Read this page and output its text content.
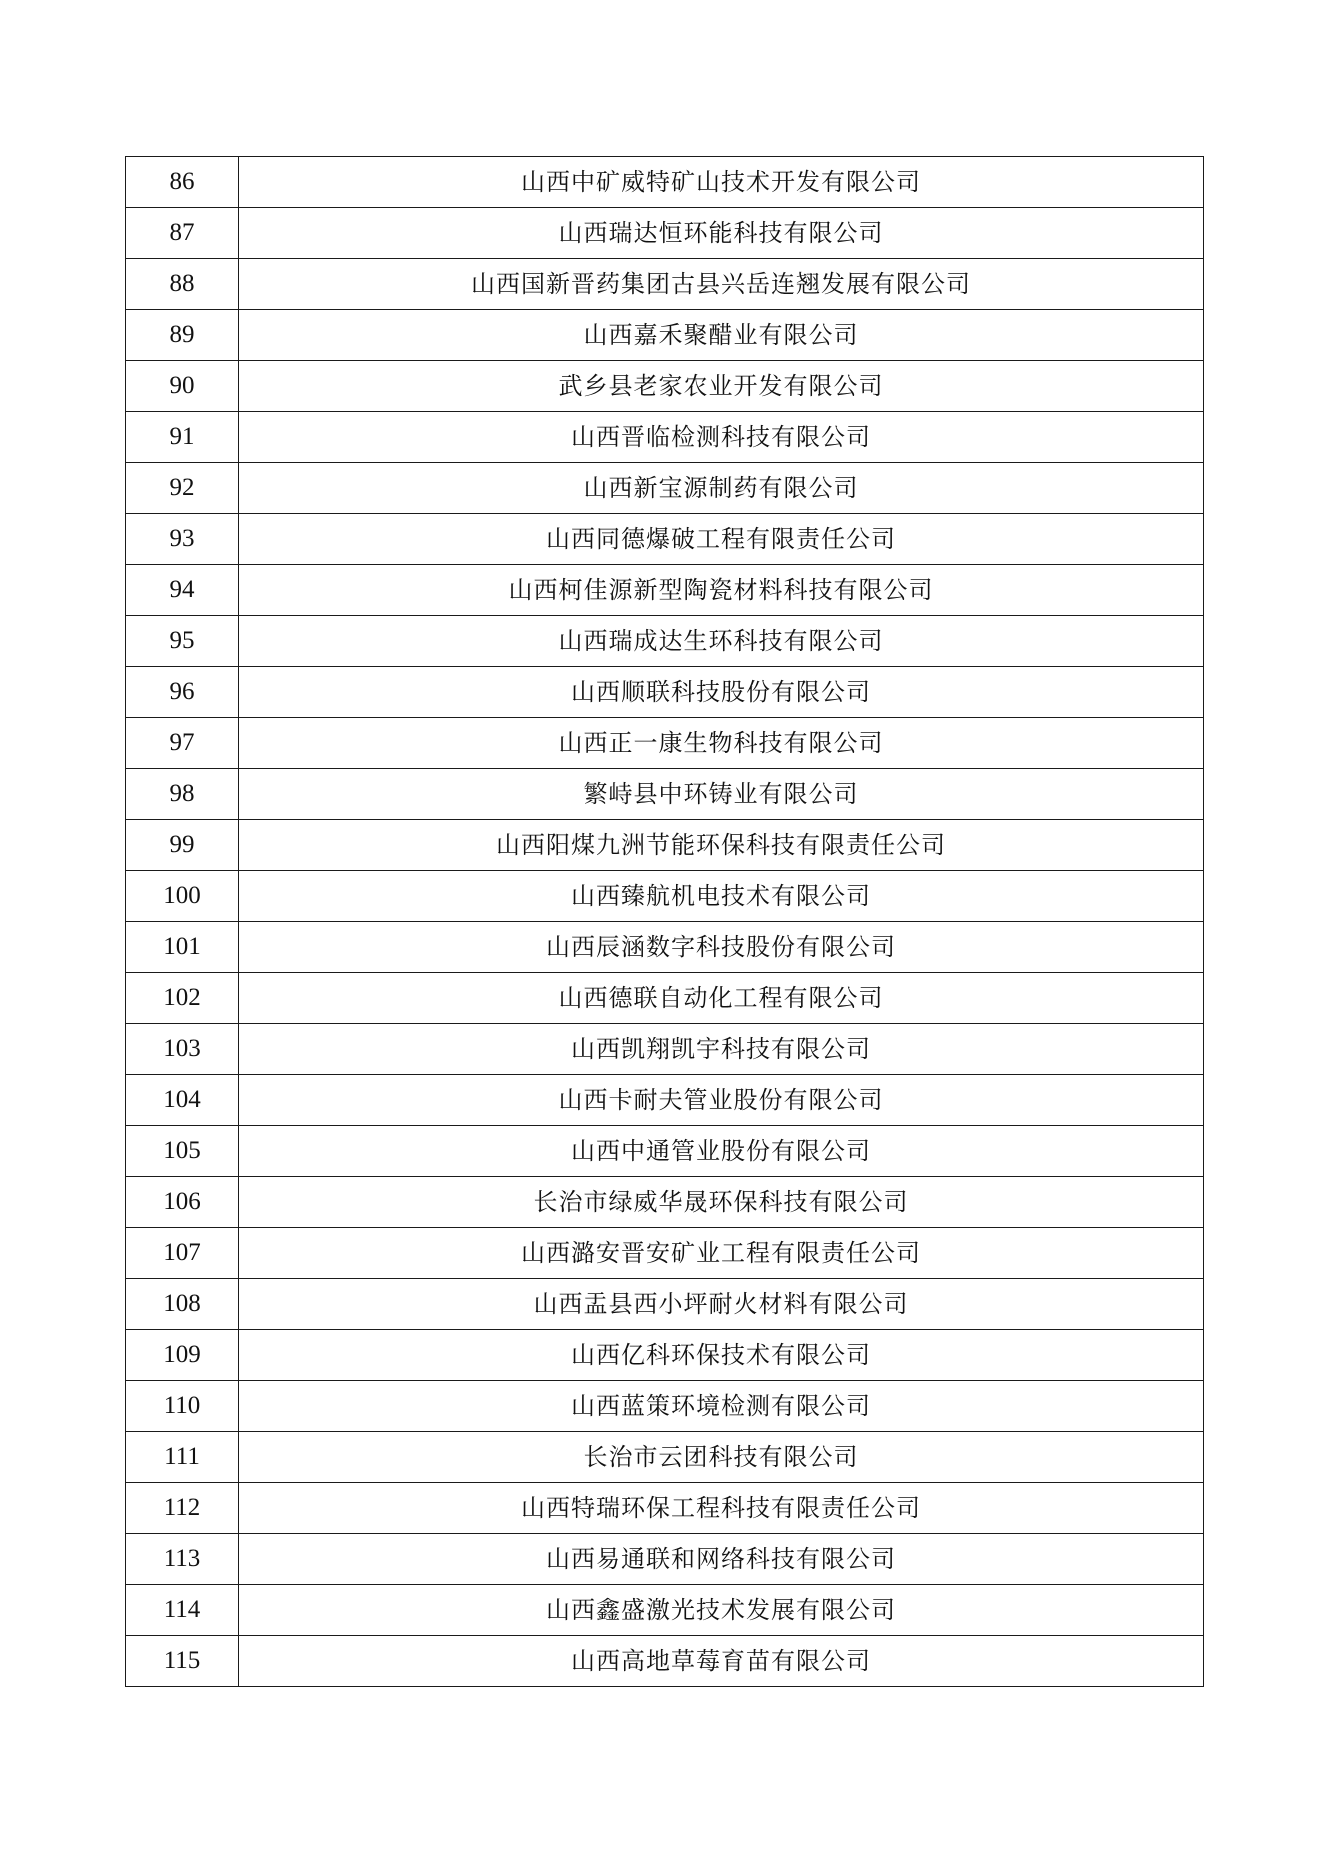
86	山西中矿威特矿山技术开发有限公司
87	山西瑞达恒环能科技有限公司
88	山西国新晋药集团古县兴岳连翘发展有限公司
89	山西嘉禾聚醋业有限公司
90	武乡县老家农业开发有限公司
91	山西晋临检测科技有限公司
92	山西新宝源制药有限公司
93	山西同德爆破工程有限责任公司
94	山西柯佳源新型陶瓷材料科技有限公司
95	山西瑞成达生环科技有限公司
96	山西顺联科技股份有限公司
97	山西正一康生物科技有限公司
98	繁峙县中环铸业有限公司
99	山西阳煤九洲节能环保科技有限责任公司
100	山西臻航机电技术有限公司
101	山西辰涵数字科技股份有限公司
102	山西德联自动化工程有限公司
103	山西凯翔凯宇科技有限公司
104	山西卡耐夫管业股份有限公司
105	山西中通管业股份有限公司
106	长治市绿威华晟环保科技有限公司
107	山西潞安晋安矿业工程有限责任公司
108	山西盂县西小坪耐火材料有限公司
109	山西亿科环保技术有限公司
110	山西蓝策环境检测有限公司
111	长治市云团科技有限公司
112	山西特瑞环保工程科技有限责任公司
113	山西易通联和网络科技有限公司
114	山西鑫盛激光技术发展有限公司
115	山西高地草莓育苗有限公司
